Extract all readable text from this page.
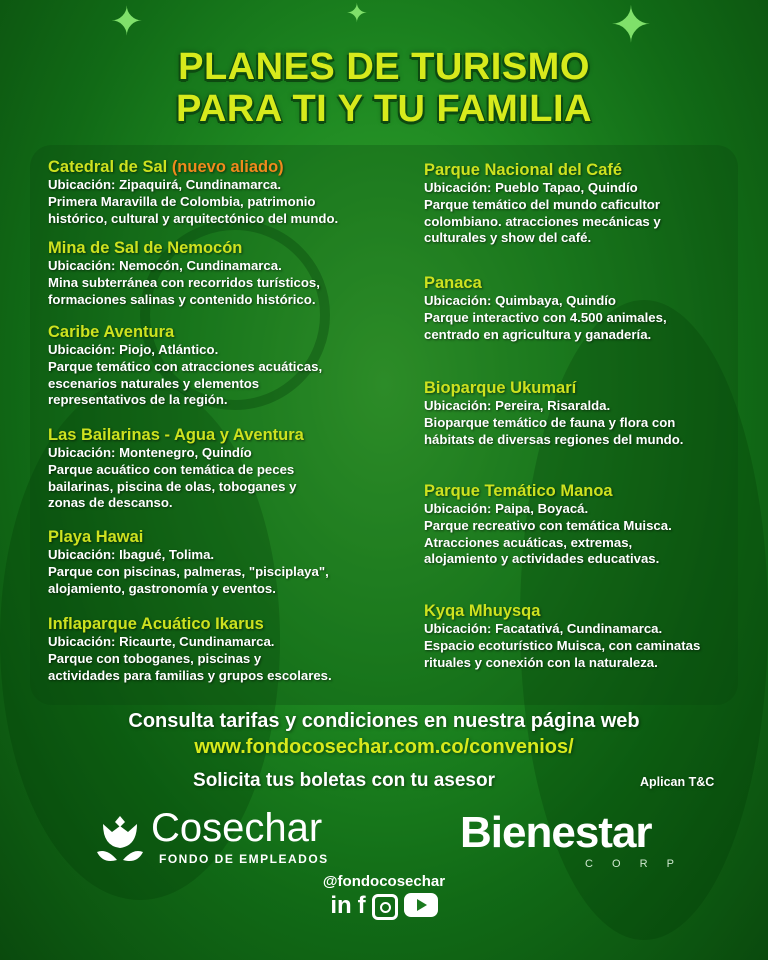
✦	✦	✦
PLANES DE TURISMO
PARA TI Y TU FAMILIA
Catedral de Sal (nuevo aliado)

Ubicación: Zipaquirá, Cundinamarca.

Primera Maravilla de Colombia, patrimonio

histórico, cultural y arquitectónico del mundo.

Mina de Sal de Nemocón

Ubicación: Nemocón, Cundinamarca.

Mina subterránea con recorridos turísticos,

formaciones salinas y contenido histórico.

Caribe Aventura

Ubicación: Piojo, Atlántico.

Parque temático con atracciones acuáticas,

escenarios naturales y elementos

representativos de la región.

Las Bailarinas - Agua y Aventura

Ubicación: Montenegro, Quindío

Parque acuático con temática de peces

bailarinas, piscina de olas, toboganes y

zonas de descanso.

Playa Hawai

Ubicación: Ibagué, Tolima.

Parque con piscinas, palmeras, "pisciplaya",

alojamiento, gastronomía y eventos.

Inflaparque Acuático Ikarus

Ubicación: Ricaurte, Cundinamarca.

Parque con toboganes, piscinas y

actividades para familias y grupos escolares.

Parque Nacional del Café

Ubicación: Pueblo Tapao, Quindío

Parque temático del mundo caficultor

colombiano. atracciones mecánicas y

culturales y show del café.

Panaca

Ubicación: Quimbaya, Quindío

Parque interactivo con 4.500 animales,

centrado en agricultura y ganadería.

Bioparque Ukumarí

Ubicación: Pereira, Risaralda.

Bioparque temático de fauna y flora con

hábitats de diversas regiones del mundo.

Parque Temático Manoa

Ubicación: Paipa, Boyacá.

Parque recreativo con temática Muisca.

Atracciones acuáticas, extremas,

alojamiento y actividades educativas.

Kyqa Mhuysqa

Ubicación: Facatativá, Cundinamarca.

Espacio ecoturístico Muisca, con caminatas

rituales y conexión con la naturaleza.

Consulta tarifas y condiciones en nuestra página web
www.fondocosechar.com.co/convenios/
Solicita tus boletas con tu asesor	Aplican T&C
Cosechar
FONDO DE EMPLEADOS
Bienestar
C O R P
@fondocosechar
in f
